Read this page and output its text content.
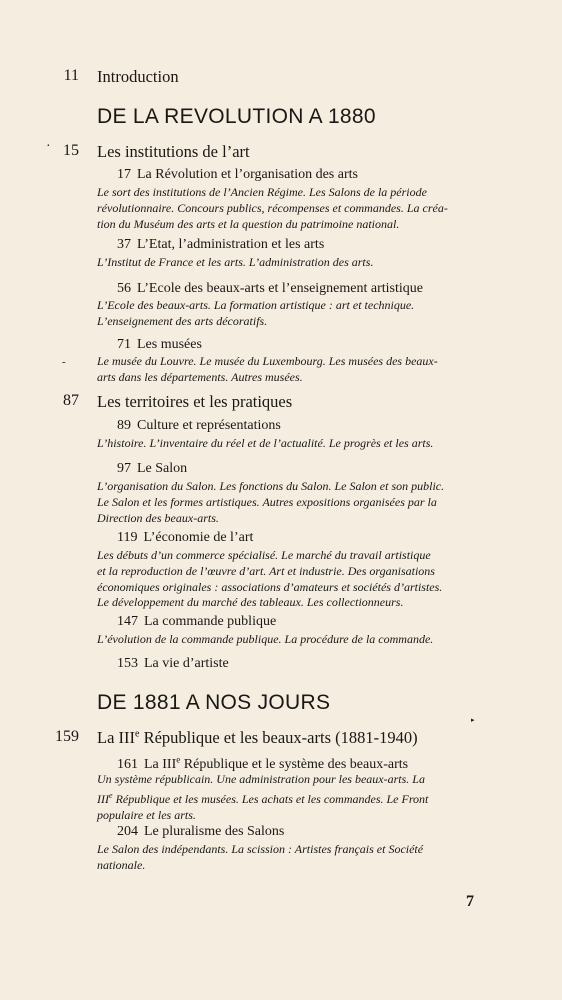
11 Introduction
DE LA REVOLUTION A 1880
· 15 Les institutions de l’art
17 La Révolution et l’organisation des arts
Le sort des institutions de l’Ancien Régime. Les Salons de la période
révolutionnaire. Concours publics, récompenses et commandes. La créa-
tion du Muséum des arts et la question du patrimoine national.
37 L’Etat, l’administration et les arts
L’Institut de France et les arts. L’administration des arts.
56 L’Ecole des beaux-arts et l’enseignement artistique
L’Ecole des beaux-arts. La formation artistique : art et technique.
L’enseignement des arts décoratifs.
71 Les musées
-	Le musée du Louvre. Le musée du Luxembourg. Les musées des beaux-
arts dans les départements. Autres musées.
87 Les territoires et les pratiques
89 Culture et représentations
L’histoire. L’inventaire du réel et de l’actualité. Le progrès et les arts.
97 Le Salon
L’organisation du Salon. Les fonctions du Salon. Le Salon et son public.
Le Salon et les formes artistiques. Autres expositions organisées par la
Direction des beaux-arts.
119 L’économie de l’art
Les débuts d’un commerce spécialisé. Le marché du travail artistique
et la reproduction de l’œuvre d’art. Art et industrie. Des organisations
économiques originales : associations d’amateurs et sociétés d’artistes.
Le développement du marché des tableaux. Les collectionneurs.
147 La commande publique
L’évolution de la commande publique. La procédure de la commande.
153 La vie d’artiste
DE 1881 A NOS JOURS
▸
159 La IIIe République et les beaux-arts (1881-1940)
161 La IIIe République et le système des beaux-arts
Un système républicain. Une administration pour les beaux-arts. La
IIIe République et les musées. Les achats et les commandes. Le Front
populaire et les arts.
204 Le pluralisme des Salons
Le Salon des indépendants. La scission : Artistes français et Société
nationale.
7
